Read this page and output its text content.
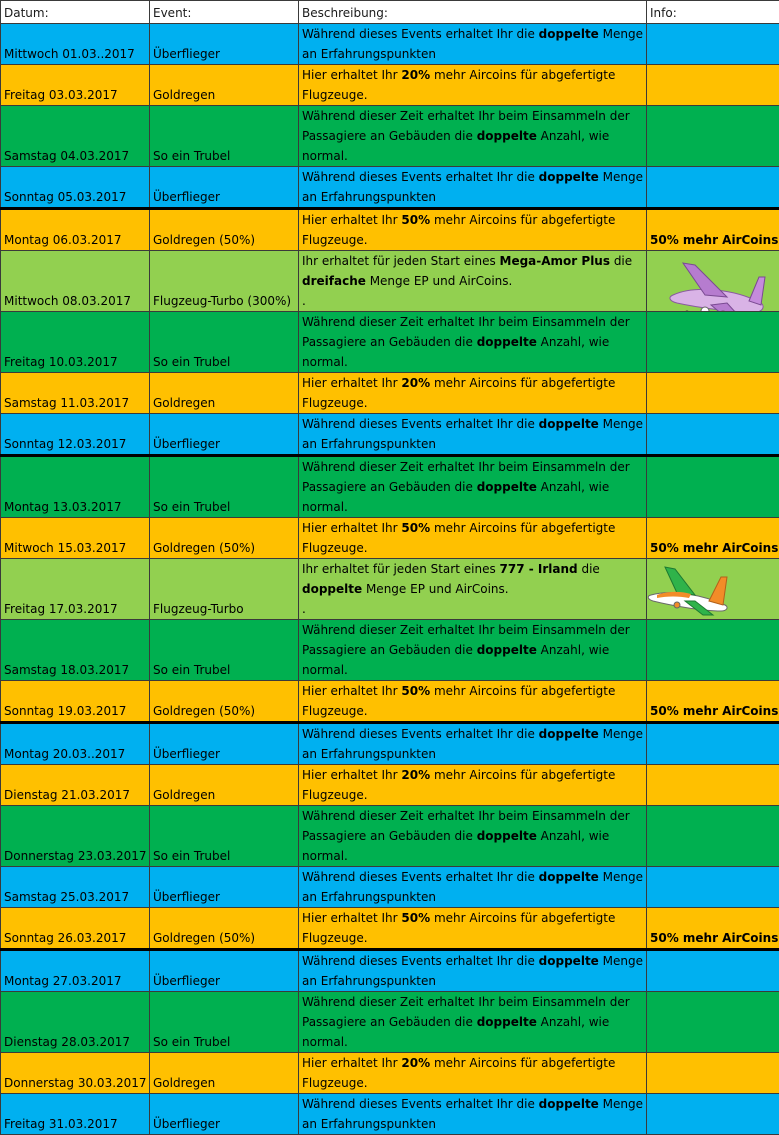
Datum:	Event:	Beschreibung:	Info:
Mittwoch 01.03..2017	Überflieger	Während dieses Events erhaltet Ihr die doppelte Menge an Erfahrungspunkten	
Freitag 03.03.2017	Goldregen	Hier erhaltet Ihr 20% mehr Aircoins für abgefertigte Flugzeuge.	
Samstag 04.03.2017	So ein Trubel	Während dieser Zeit erhaltet Ihr beim Einsammeln der Passagiere an Gebäuden die doppelte Anzahl, wie normal.	
Sonntag 05.03.2017	Überflieger	Während dieses Events erhaltet Ihr die doppelte Menge an Erfahrungspunkten	
Montag 06.03.2017	Goldregen (50%)	Hier erhaltet Ihr 50% mehr Aircoins für abgefertigte Flugzeuge.	50% mehr AirCoins
Mittwoch 08.03.2017	Flugzeug-Turbo (300%)	Ihr erhaltet für jeden Start eines Mega-Amor Plus die dreifache Menge EP und AirCoins.
.	

Freitag 10.03.2017	So ein Trubel	Während dieser Zeit erhaltet Ihr beim Einsammeln der Passagiere an Gebäuden die doppelte Anzahl, wie normal.	
Samstag 11.03.2017	Goldregen	Hier erhaltet Ihr 20% mehr Aircoins für abgefertigte Flugzeuge.	
Sonntag 12.03.2017	Überflieger	Während dieses Events erhaltet Ihr die doppelte Menge an Erfahrungspunkten	
Montag 13.03.2017	So ein Trubel	Während dieser Zeit erhaltet Ihr beim Einsammeln der Passagiere an Gebäuden die doppelte Anzahl, wie normal.	
Mitwoch 15.03.2017	Goldregen (50%)	Hier erhaltet Ihr 50% mehr Aircoins für abgefertigte Flugzeuge.	50% mehr AirCoins
Freitag 17.03.2017	Flugzeug-Turbo	Ihr erhaltet für jeden Start eines 777 - Irland die doppelte Menge EP und AirCoins.
.	

Samstag 18.03.2017	So ein Trubel	Während dieser Zeit erhaltet Ihr beim Einsammeln der Passagiere an Gebäuden die doppelte Anzahl, wie normal.	
Sonntag 19.03.2017	Goldregen (50%)	Hier erhaltet Ihr 50% mehr Aircoins für abgefertigte Flugzeuge.	50% mehr AirCoins
Montag 20.03..2017	Überflieger	Während dieses Events erhaltet Ihr die doppelte Menge an Erfahrungspunkten	
Dienstag 21.03.2017	Goldregen	Hier erhaltet Ihr 20% mehr Aircoins für abgefertigte Flugzeuge.	
Donnerstag 23.03.2017	So ein Trubel	Während dieser Zeit erhaltet Ihr beim Einsammeln der Passagiere an Gebäuden die doppelte Anzahl, wie normal.	
Samstag 25.03.2017	Überflieger	Während dieses Events erhaltet Ihr die doppelte Menge an Erfahrungspunkten	
Sonntag 26.03.2017	Goldregen (50%)	Hier erhaltet Ihr 50% mehr Aircoins für abgefertigte Flugzeuge.	50% mehr AirCoins
Montag 27.03.2017	Überflieger	Während dieses Events erhaltet Ihr die doppelte Menge an Erfahrungspunkten	
Dienstag 28.03.2017	So ein Trubel	Während dieser Zeit erhaltet Ihr beim Einsammeln der Passagiere an Gebäuden die doppelte Anzahl, wie normal.	
Donnerstag 30.03.2017	Goldregen	Hier erhaltet Ihr 20% mehr Aircoins für abgefertigte Flugzeuge.	
Freitag 31.03.2017	Überflieger	Während dieses Events erhaltet Ihr die doppelte Menge an Erfahrungspunkten	
